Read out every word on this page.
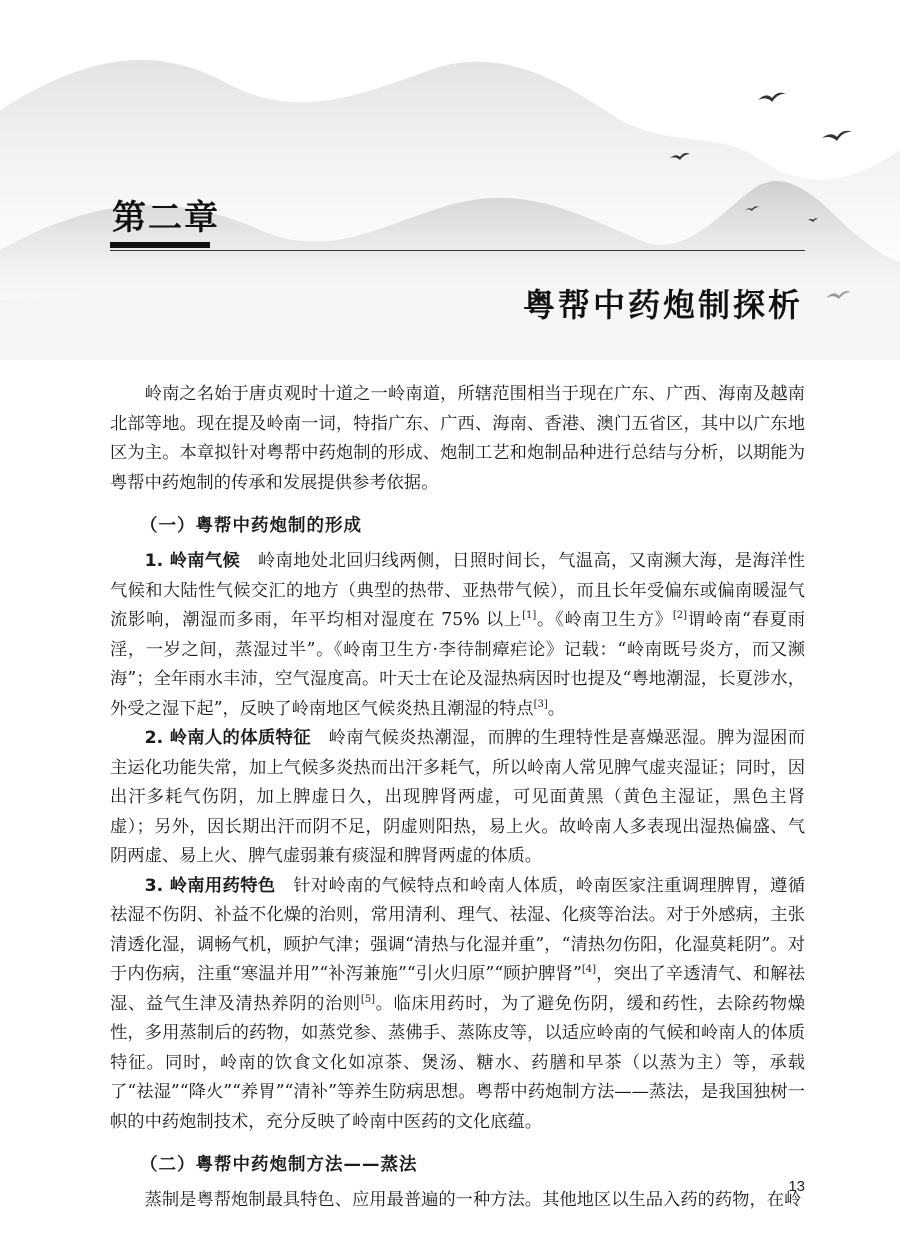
第二章
粤帮中药炮制探析

岭南之名始于唐贞观时十道之一岭南道，所辖范围相当于现在广东、广西、海南及越南北部等地。现在提及岭南一词，特指广东、广西、海南、香港、澳门五省区，其中以广东地区为主。本章拟针对粤帮中药炮制的形成、炮制工艺和炮制品种进行总结与分析，以期能为粤帮中药炮制的传承和发展提供参考依据。

（一）粤帮中药炮制的形成

1. 岭南气候　 岭南地处北回归线两侧，日照时间长，气温高，又南濒大海，是海洋性气候和大陆性气候交汇的地方（典型的热带、亚热带气候），而且长年受偏东或偏南暖湿气流影响，潮湿而多雨，年平均相对湿度在 75% 以上[1]。《岭南卫生方》[2]谓岭南“春夏雨淫，一岁之间，蒸湿过半”。《岭南卫生方·李待制瘴疟论》记载：“岭南既号炎方，而又濒海”；全年雨水丰沛，空气湿度高。叶天士在论及湿热病因时也提及“粤地潮湿，长夏涉水，外受之湿下起”，反映了岭南地区气候炎热且潮湿的特点[3]。

2. 岭南人的体质特征　 岭南气候炎热潮湿，而脾的生理特性是喜燥恶湿。脾为湿困而主运化功能失常，加上气候多炎热而出汗多耗气，所以岭南人常见脾气虚夹湿证；同时，因出汗多耗气伤阴，加上脾虚日久，出现脾肾两虚，可见面黄黑（黄色主湿证，黑色主肾虚）；另外，因长期出汗而阴不足，阴虚则阳热，易上火。故岭南人多表现出湿热偏盛、气阴两虚、易上火、脾气虚弱兼有痰湿和脾肾两虚的体质。

3. 岭南用药特色　 针对岭南的气候特点和岭南人体质，岭南医家注重调理脾胃，遵循祛湿不伤阴、补益不化燥的治则，常用清利、理气、祛湿、化痰等治法。对于外感病，主张清透化湿，调畅气机，顾护气津；强调“清热与化湿并重”，“清热勿伤阳，化湿莫耗阴”。对于内伤病，注重“寒温并用”“补泻兼施”“引火归原”“顾护脾肾”[4]，突出了辛透清气、和解祛湿、益气生津及清热养阴的治则[5]。临床用药时，为了避免伤阴，缓和药性，去除药物燥性，多用蒸制后的药物，如蒸党参、蒸佛手、蒸陈皮等，以适应岭南的气候和岭南人的体质特征。同时，岭南的饮食文化如凉茶、煲汤、糖水、药膳和早茶（以蒸为主）等，承载了“祛湿”“降火”“养胃”“清补”等养生防病思想。粤帮中药炮制方法——蒸法，是我国独树一帜的中药炮制技术，充分反映了岭南中医药的文化底蕴。

（二）粤帮中药炮制方法——蒸法

蒸制是粤帮炮制最具特色、应用最普遍的一种方法。其他地区以生品入药的药物，在岭

13
